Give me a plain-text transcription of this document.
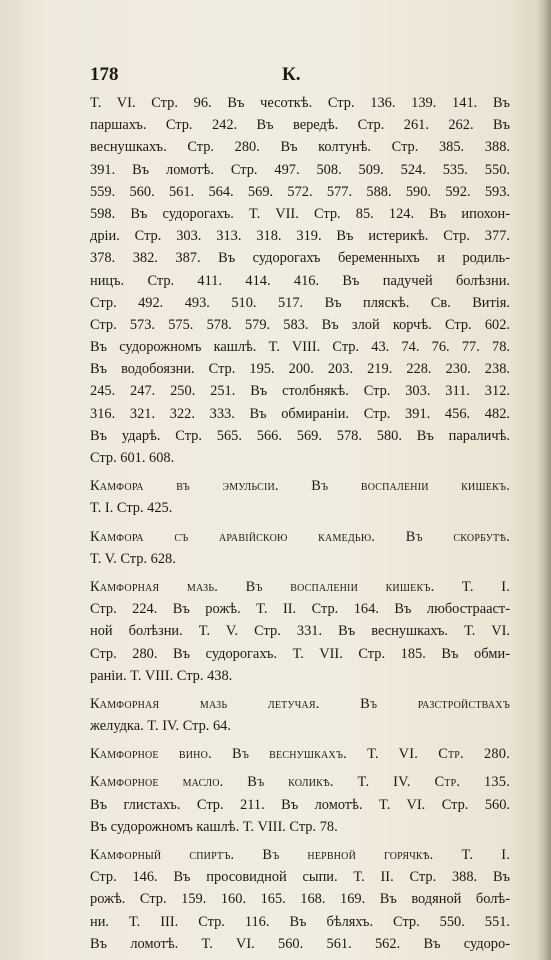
178	К.
T. VI. Стр. 96. Въ чесоткѣ. Стр. 136. 139. 141. Въ
паршахъ. Стр. 242. Въ вередѣ. Стр. 261. 262. Въ
веснушкахъ. Стр. 280. Въ колтунѣ. Стр. 385. 388.
391. Въ ломотѣ. Стр. 497. 508. 509. 524. 535. 550.
559. 560. 561. 564. 569. 572. 577. 588. 590. 592. 593.
598. Въ судорогахъ. T. VII. Стр. 85. 124. Въ ипохон-
дріи. Стр. 303. 313. 318. 319. Въ истерикѣ. Стр. 377.
378. 382. 387. Въ судорогахъ беременныхъ и родиль-
ницъ. Стр. 411. 414. 416. Въ падучей болѣзни.
Стр. 492. 493. 510. 517. Въ пляскѣ. Св. Витія.
Стр. 573. 575. 578. 579. 583. Въ злой корчѣ. Стр. 602.
Въ судорожномъ кашлѣ. T. VIII. Стр. 43. 74. 76. 77. 78.
Въ водобоязни. Стр. 195. 200. 203. 219. 228. 230. 238.
245. 247. 250. 251. Въ столбнякѣ. Стр. 303. 311. 312.
316. 321. 322. 333. Въ обмираніи. Стр. 391. 456. 482.
Въ ударѣ. Стр. 565. 566. 569. 578. 580. Въ параличѣ.
Стр. 601. 608.
Камфора въ эмульсіи. Въ воспаленіи кишекъ.
T. I. Стр. 425.
Камфора съ аравійскою камедью. Въ скорбутѣ.
T. V. Стр. 628.
Камфорная мазь. Въ воспаленіи кишекъ. T. I.
Стр. 224. Въ рожѣ. T. II. Стр. 164. Въ любострааст-
ной болѣзни. T. V. Стр. 331. Въ веснушкахъ. T. VI.
Стр. 280. Въ судорогахъ. T. VII. Стр. 185. Въ обми-
раніи. T. VIII. Стр. 438.
Камфорная мазь летучая. Въ разстройствахъ
желудка. T. IV. Стр. 64.
Камфорное вино. Въ веснушкахъ. T. VI. Стр. 280.
Камфорное масло. Въ коликѣ. T. IV. Стр. 135.
Въ глистахъ. Стр. 211. Въ ломотѣ. T. VI. Стр. 560.
Въ судорожномъ кашлѣ. T. VIII. Стр. 78.
Камфорный спиртъ. Въ нервной горячкѣ. T. I.
Стр. 146. Въ просовидной сыпи. T. II. Стр. 388. Въ
рожѣ. Стр. 159. 160. 165. 168. 169. Въ водяной болѣ-
ни. T. III. Стр. 116. Въ бѣляхъ. Стр. 550. 551.
Въ ломотѣ. T. VI. 560. 561. 562. Въ судоро-
